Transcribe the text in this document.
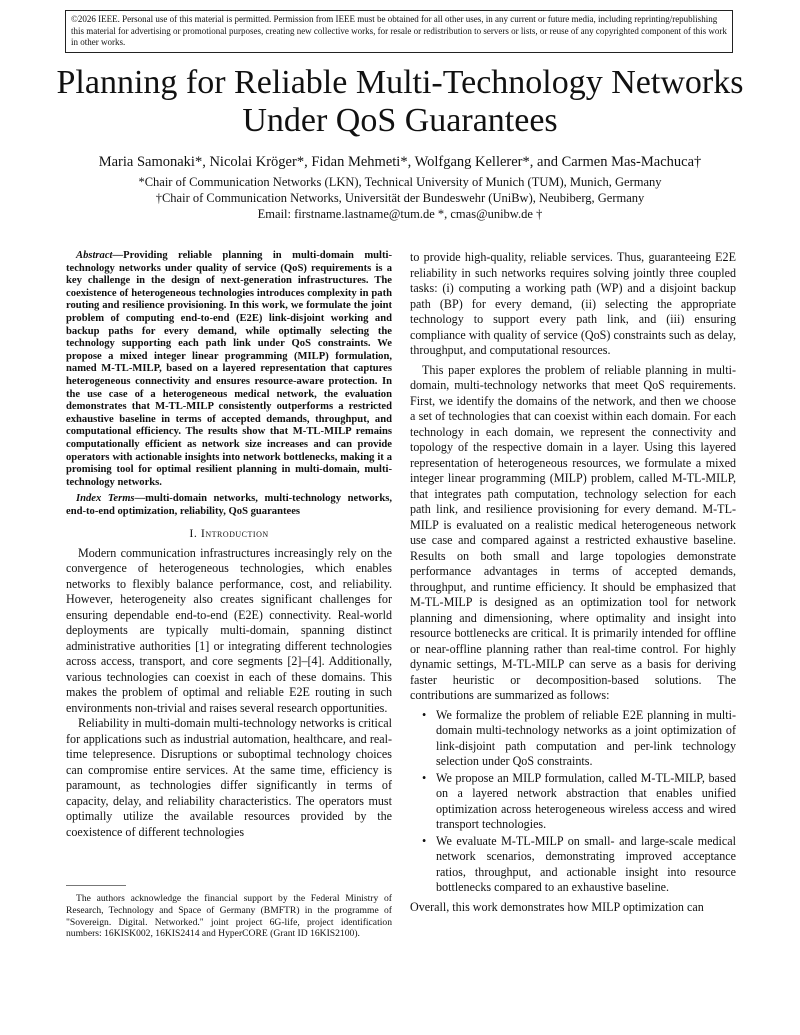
©2026 IEEE. Personal use of this material is permitted. Permission from IEEE must be obtained for all other uses, in any current or future media, including reprinting/republishing this material for advertising or promotional purposes, creating new collective works, for resale or redistribution to servers or lists, or reuse of any copyrighted component of this work in other works.
Planning for Reliable Multi-Technology Networks
Under QoS Guarantees
Maria Samonaki*, Nicolai Kröger*, Fidan Mehmeti*, Wolfgang Kellerer*, and Carmen Mas-Machuca†
*Chair of Communication Networks (LKN), Technical University of Munich (TUM), Munich, Germany
†Chair of Communication Networks, Universität der Bundeswehr (UniBw), Neubiberg, Germany
Email: firstname.lastname@tum.de *, cmas@unibw.de †

Abstract—Providing reliable planning in multi-domain multi-technology networks under quality of service (QoS) requirements is a key challenge in the design of next-generation infrastructures. The coexistence of heterogeneous technologies introduces complexity in path routing and resilience provisioning. In this work, we formulate the joint problem of computing end-to-end (E2E) link-disjoint working and backup paths for every demand, while optimally selecting the technology supporting each path link under QoS constraints. We propose a mixed integer linear programming (MILP) formulation, named M-TL-MILP, based on a layered representation that captures heterogeneous connectivity and ensures resource-aware protection. In the use case of a heterogeneous medical network, the evaluation demonstrates that M-TL-MILP consistently outperforms a restricted exhaustive baseline in terms of accepted demands, throughput, and computational efficiency. The results show that M-TL-MILP remains computationally efficient as network size increases and can provide operators with actionable insights into network bottlenecks, making it a promising tool for optimal resilient planning in multi-domain, multi-technology networks.

Index Terms—multi-domain networks, multi-technology networks, end-to-end optimization, reliability, QoS guarantees

I. Introduction

Modern communication infrastructures increasingly rely on the convergence of heterogeneous technologies, which enables networks to flexibly balance performance, cost, and reliability. However, heterogeneity also creates significant challenges for ensuring dependable end-to-end (E2E) connectivity. Real-world deployments are typically multi-domain, spanning distinct administrative authorities [1] or integrating different technologies across access, transport, and core segments [2]–[4]. Additionally, various technologies can coexist in each of these domains. This makes the problem of optimal and reliable E2E routing in such environments non-trivial and raises several research opportunities.

Reliability in multi-domain multi-technology networks is critical for applications such as industrial automation, healthcare, and real-time telepresence. Disruptions or suboptimal technology choices can compromise entire services. At the same time, efficiency is paramount, as technologies differ significantly in terms of capacity, delay, and reliability characteristics. The operators must optimally utilize the available resources provided by the coexistence of different technologies

The authors acknowledge the financial support by the Federal Ministry of Research, Technology and Space of Germany (BMFTR) in the programme of "Sovereign. Digital. Networked." joint project 6G-life, project identification numbers: 16KISK002, 16KIS2414 and HyperCORE (Grant ID 16KIS2100).

to provide high-quality, reliable services. Thus, guaranteeing E2E reliability in such networks requires solving jointly three coupled tasks: (i) computing a working path (WP) and a disjoint backup path (BP) for every demand, (ii) selecting the appropriate technology to support every path link, and (iii) ensuring compliance with quality of service (QoS) constraints such as delay, throughput, and computational resources.

This paper explores the problem of reliable planning in multi-domain, multi-technology networks that meet QoS requirements. First, we identify the domains of the network, and then we choose a set of technologies that can coexist within each domain. For each technology in each domain, we represent the connectivity and topology of the respective domain in a layer. Using this layered representation of heterogeneous resources, we formulate a mixed integer linear programming (MILP) problem, called M-TL-MILP, that integrates path computation, technology selection for each path link, and resilience provisioning for every demand. M-TL-MILP is evaluated on a realistic medical heterogeneous network use case and compared against a restricted exhaustive baseline. Results on both small and large topologies demonstrate performance advantages in terms of accepted demands, throughput, and runtime efficiency. It should be emphasized that M-TL-MILP is designed as an optimization tool for network planning and dimensioning, where optimality and insight into resource bottlenecks are critical. It is primarily intended for offline or near-offline planning rather than real-time control. For highly dynamic settings, M-TL-MILP can serve as a basis for deriving faster heuristic or decomposition-based solutions. The contributions are summarized as follows:

• We formalize the problem of reliable E2E planning in multi-domain multi-technology networks as a joint optimization of link-disjoint path computation and per-link technology selection under QoS constraints.
• We propose an MILP formulation, called M-TL-MILP, based on a layered network abstraction that enables unified optimization across heterogeneous wireless access and wired transport technologies.
• We evaluate M-TL-MILP on small- and large-scale medical network scenarios, demonstrating improved acceptance ratios, throughput, and actionable insight into resource bottlenecks compared to an exhaustive baseline.

Overall, this work demonstrates how MILP optimization can
